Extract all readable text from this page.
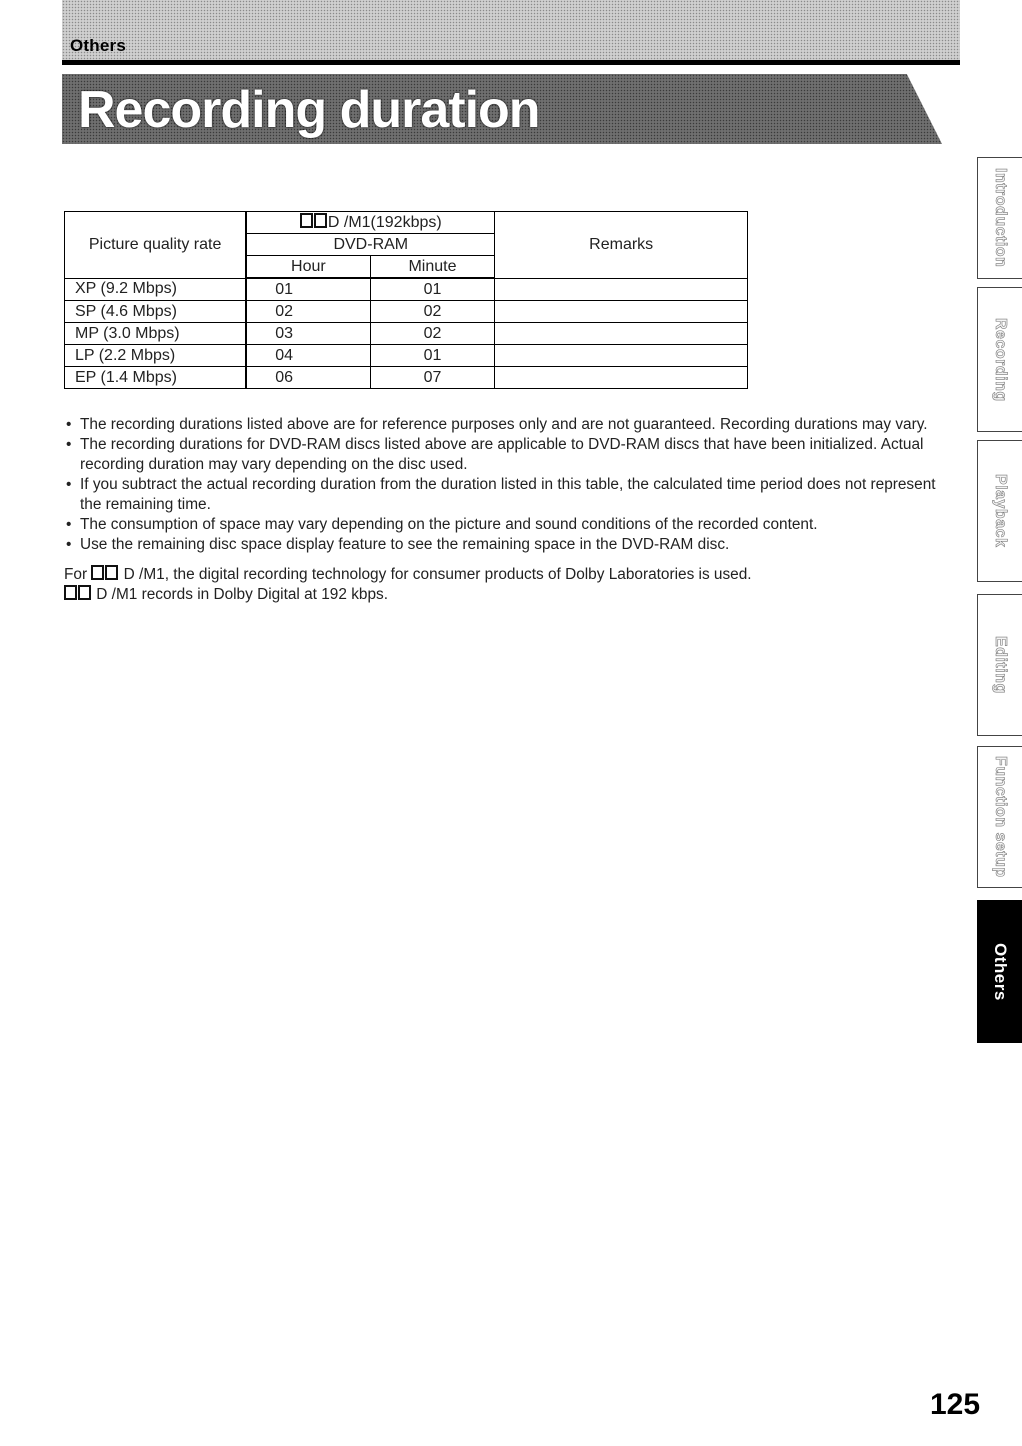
Others
Recording duration
Picture quality rate	D /M1(192kbps)		Remarks
	DVD-RAM		
	Hour	Minute	
XP (9.2 Mbps)	01	01	
SP (4.6 Mbps)	02	02	
MP (3.0 Mbps)	03	02	
LP (2.2 Mbps)	04	01	
EP (1.4 Mbps)	06	07	
• The recording durations listed above are for reference purposes only and are not guaranteed. Recording durations may vary.
• The recording durations for DVD-RAM discs listed above are applicable to DVD-RAM discs that have been initialized. Actual recording duration may vary depending on the disc used.
• If you subtract the actual recording duration from the duration listed in this table, the calculated time period does not represent the remaining time.
• The consumption of space may vary depending on the picture and sound conditions of the recorded content.
• Use the remaining disc space display feature to see the remaining space in the DVD-RAM disc.

For D /M1, the digital recording technology for consumer products of Dolby Laboratories is used.

D /M1 records in Dolby Digital at 192 kbps.

Introduction
Recording
Playback
Editing
Function setup
Others
125
